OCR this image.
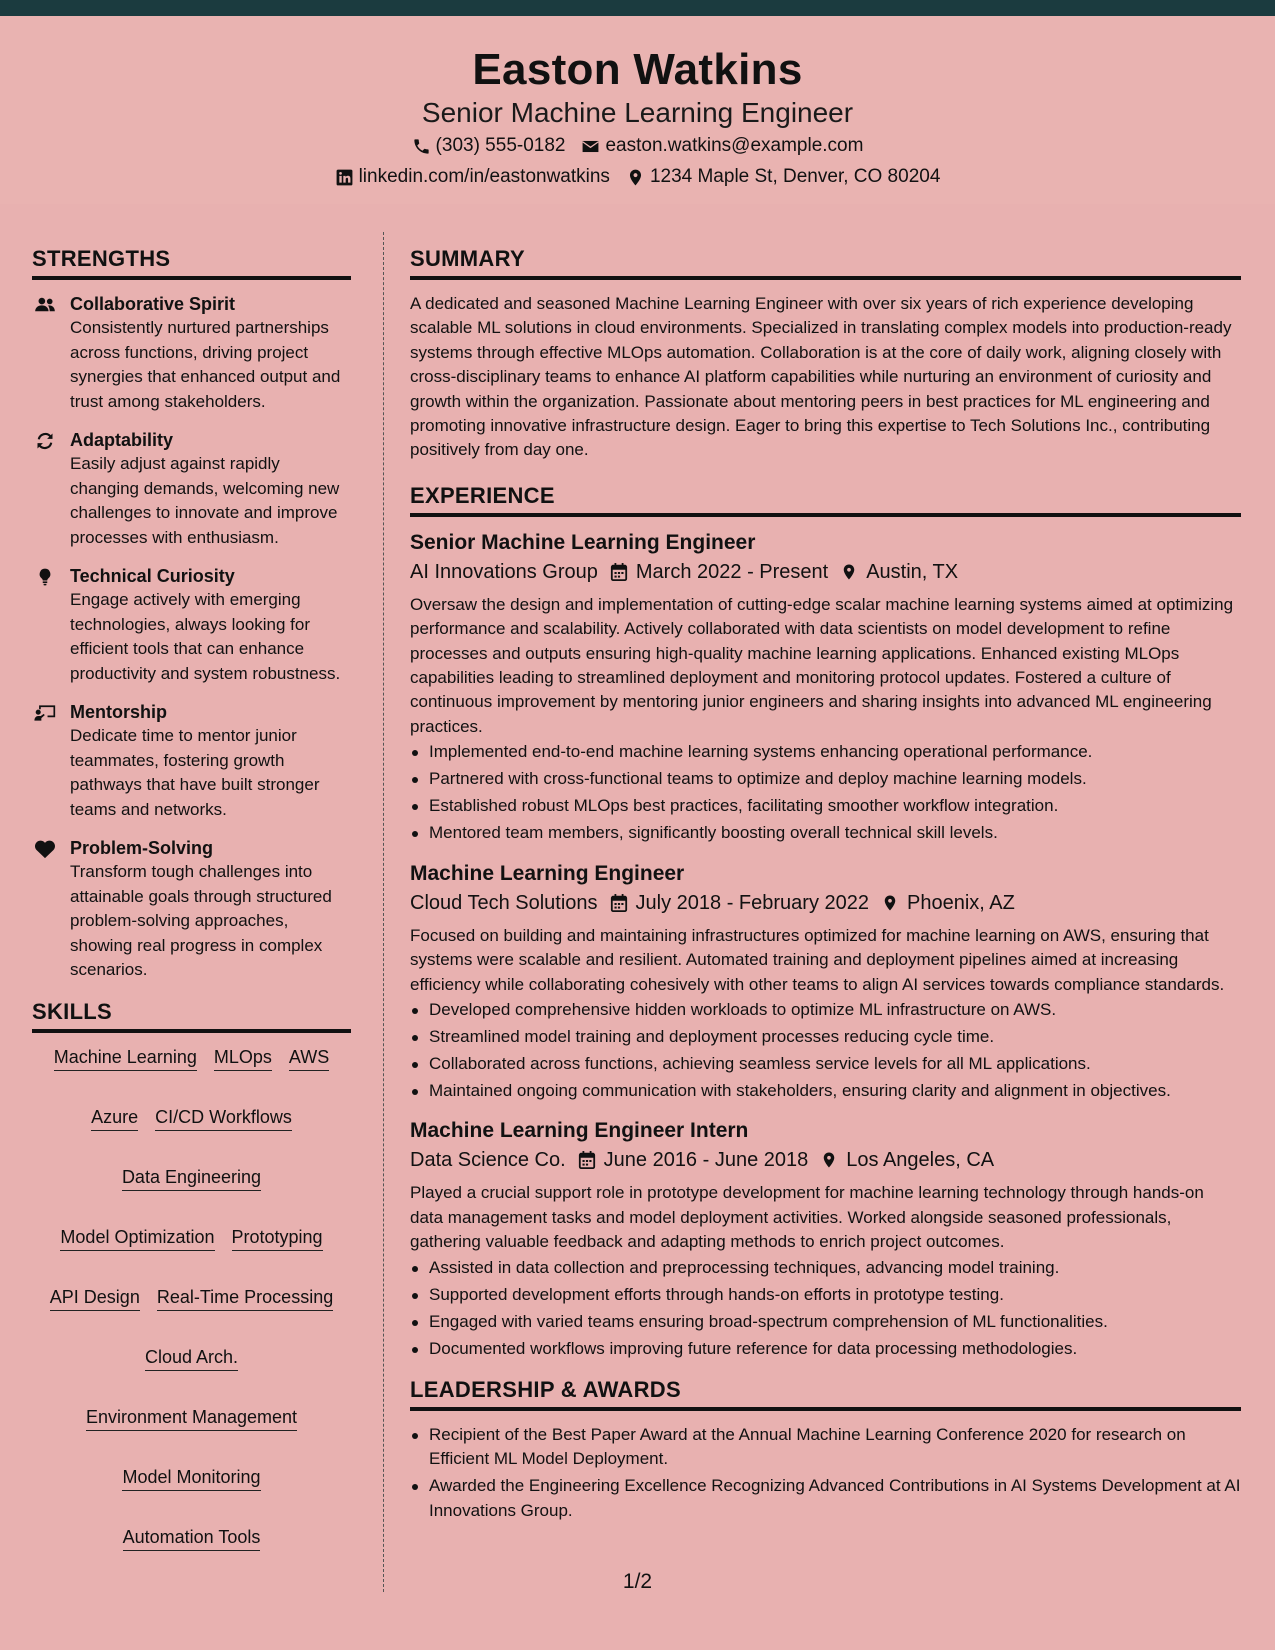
Easton Watkins
Senior Machine Learning Engineer
(303) 555-0182 easton.watkins@example.com
linkedin.com/in/eastonwatkins 1234 Maple St, Denver, CO 80204
STRENGTHS
Collaborative Spirit
Consistently nurtured partnerships across functions, driving project synergies that enhanced output and trust among stakeholders.
Adaptability
Easily adjust against rapidly changing demands, welcoming new challenges to innovate and improve processes with enthusiasm.
Technical Curiosity
Engage actively with emerging technologies, always looking for efficient tools that can enhance productivity and system robustness.
Mentorship
Dedicate time to mentor junior teammates, fostering growth pathways that have built stronger teams and networks.
Problem-Solving
Transform tough challenges into attainable goals through structured problem-solving approaches, showing real progress in complex scenarios.
SKILLS
Machine Learning MLOps AWS
Azure CI/CD Workflows
Data Engineering
Model Optimization Prototyping
API Design Real-Time Processing
Cloud Arch.
Environment Management
Model Monitoring
Automation Tools
SUMMARY
A dedicated and seasoned Machine Learning Engineer with over six years of rich experience developing scalable ML solutions in cloud environments. Specialized in translating complex models into production-ready systems through effective MLOps automation. Collaboration is at the core of daily work, aligning closely with cross-disciplinary teams to enhance AI platform capabilities while nurturing an environment of curiosity and growth within the organization. Passionate about mentoring peers in best practices for ML engineering and promoting innovative infrastructure design. Eager to bring this expertise to Tech Solutions Inc., contributing positively from day one.
EXPERIENCE
Senior Machine Learning Engineer
AI Innovations Group March 2022 - Present Austin, TX
Oversaw the design and implementation of cutting-edge scalar machine learning systems aimed at optimizing performance and scalability. Actively collaborated with data scientists on model development to refine processes and outputs ensuring high-quality machine learning applications. Enhanced existing MLOps capabilities leading to streamlined deployment and monitoring protocol updates. Fostered a culture of continuous improvement by mentoring junior engineers and sharing insights into advanced ML engineering practices.
Implemented end-to-end machine learning systems enhancing operational performance.
Partnered with cross-functional teams to optimize and deploy machine learning models.
Established robust MLOps best practices, facilitating smoother workflow integration.
Mentored team members, significantly boosting overall technical skill levels.
Machine Learning Engineer
Cloud Tech Solutions July 2018 - February 2022 Phoenix, AZ
Focused on building and maintaining infrastructures optimized for machine learning on AWS, ensuring that systems were scalable and resilient. Automated training and deployment pipelines aimed at increasing efficiency while collaborating cohesively with other teams to align AI services towards compliance standards.
Developed comprehensive hidden workloads to optimize ML infrastructure on AWS.
Streamlined model training and deployment processes reducing cycle time.
Collaborated across functions, achieving seamless service levels for all ML applications.
Maintained ongoing communication with stakeholders, ensuring clarity and alignment in objectives.
Machine Learning Engineer Intern
Data Science Co. June 2016 - June 2018 Los Angeles, CA
Played a crucial support role in prototype development for machine learning technology through hands-on data management tasks and model deployment activities. Worked alongside seasoned professionals, gathering valuable feedback and adapting methods to enrich project outcomes.
Assisted in data collection and preprocessing techniques, advancing model training.
Supported development efforts through hands-on efforts in prototype testing.
Engaged with varied teams ensuring broad-spectrum comprehension of ML functionalities.
Documented workflows improving future reference for data processing methodologies.
LEADERSHIP & AWARDS
Recipient of the Best Paper Award at the Annual Machine Learning Conference 2020 for research on Efficient ML Model Deployment.
Awarded the Engineering Excellence Recognizing Advanced Contributions in AI Systems Development at AI Innovations Group.
1/2
